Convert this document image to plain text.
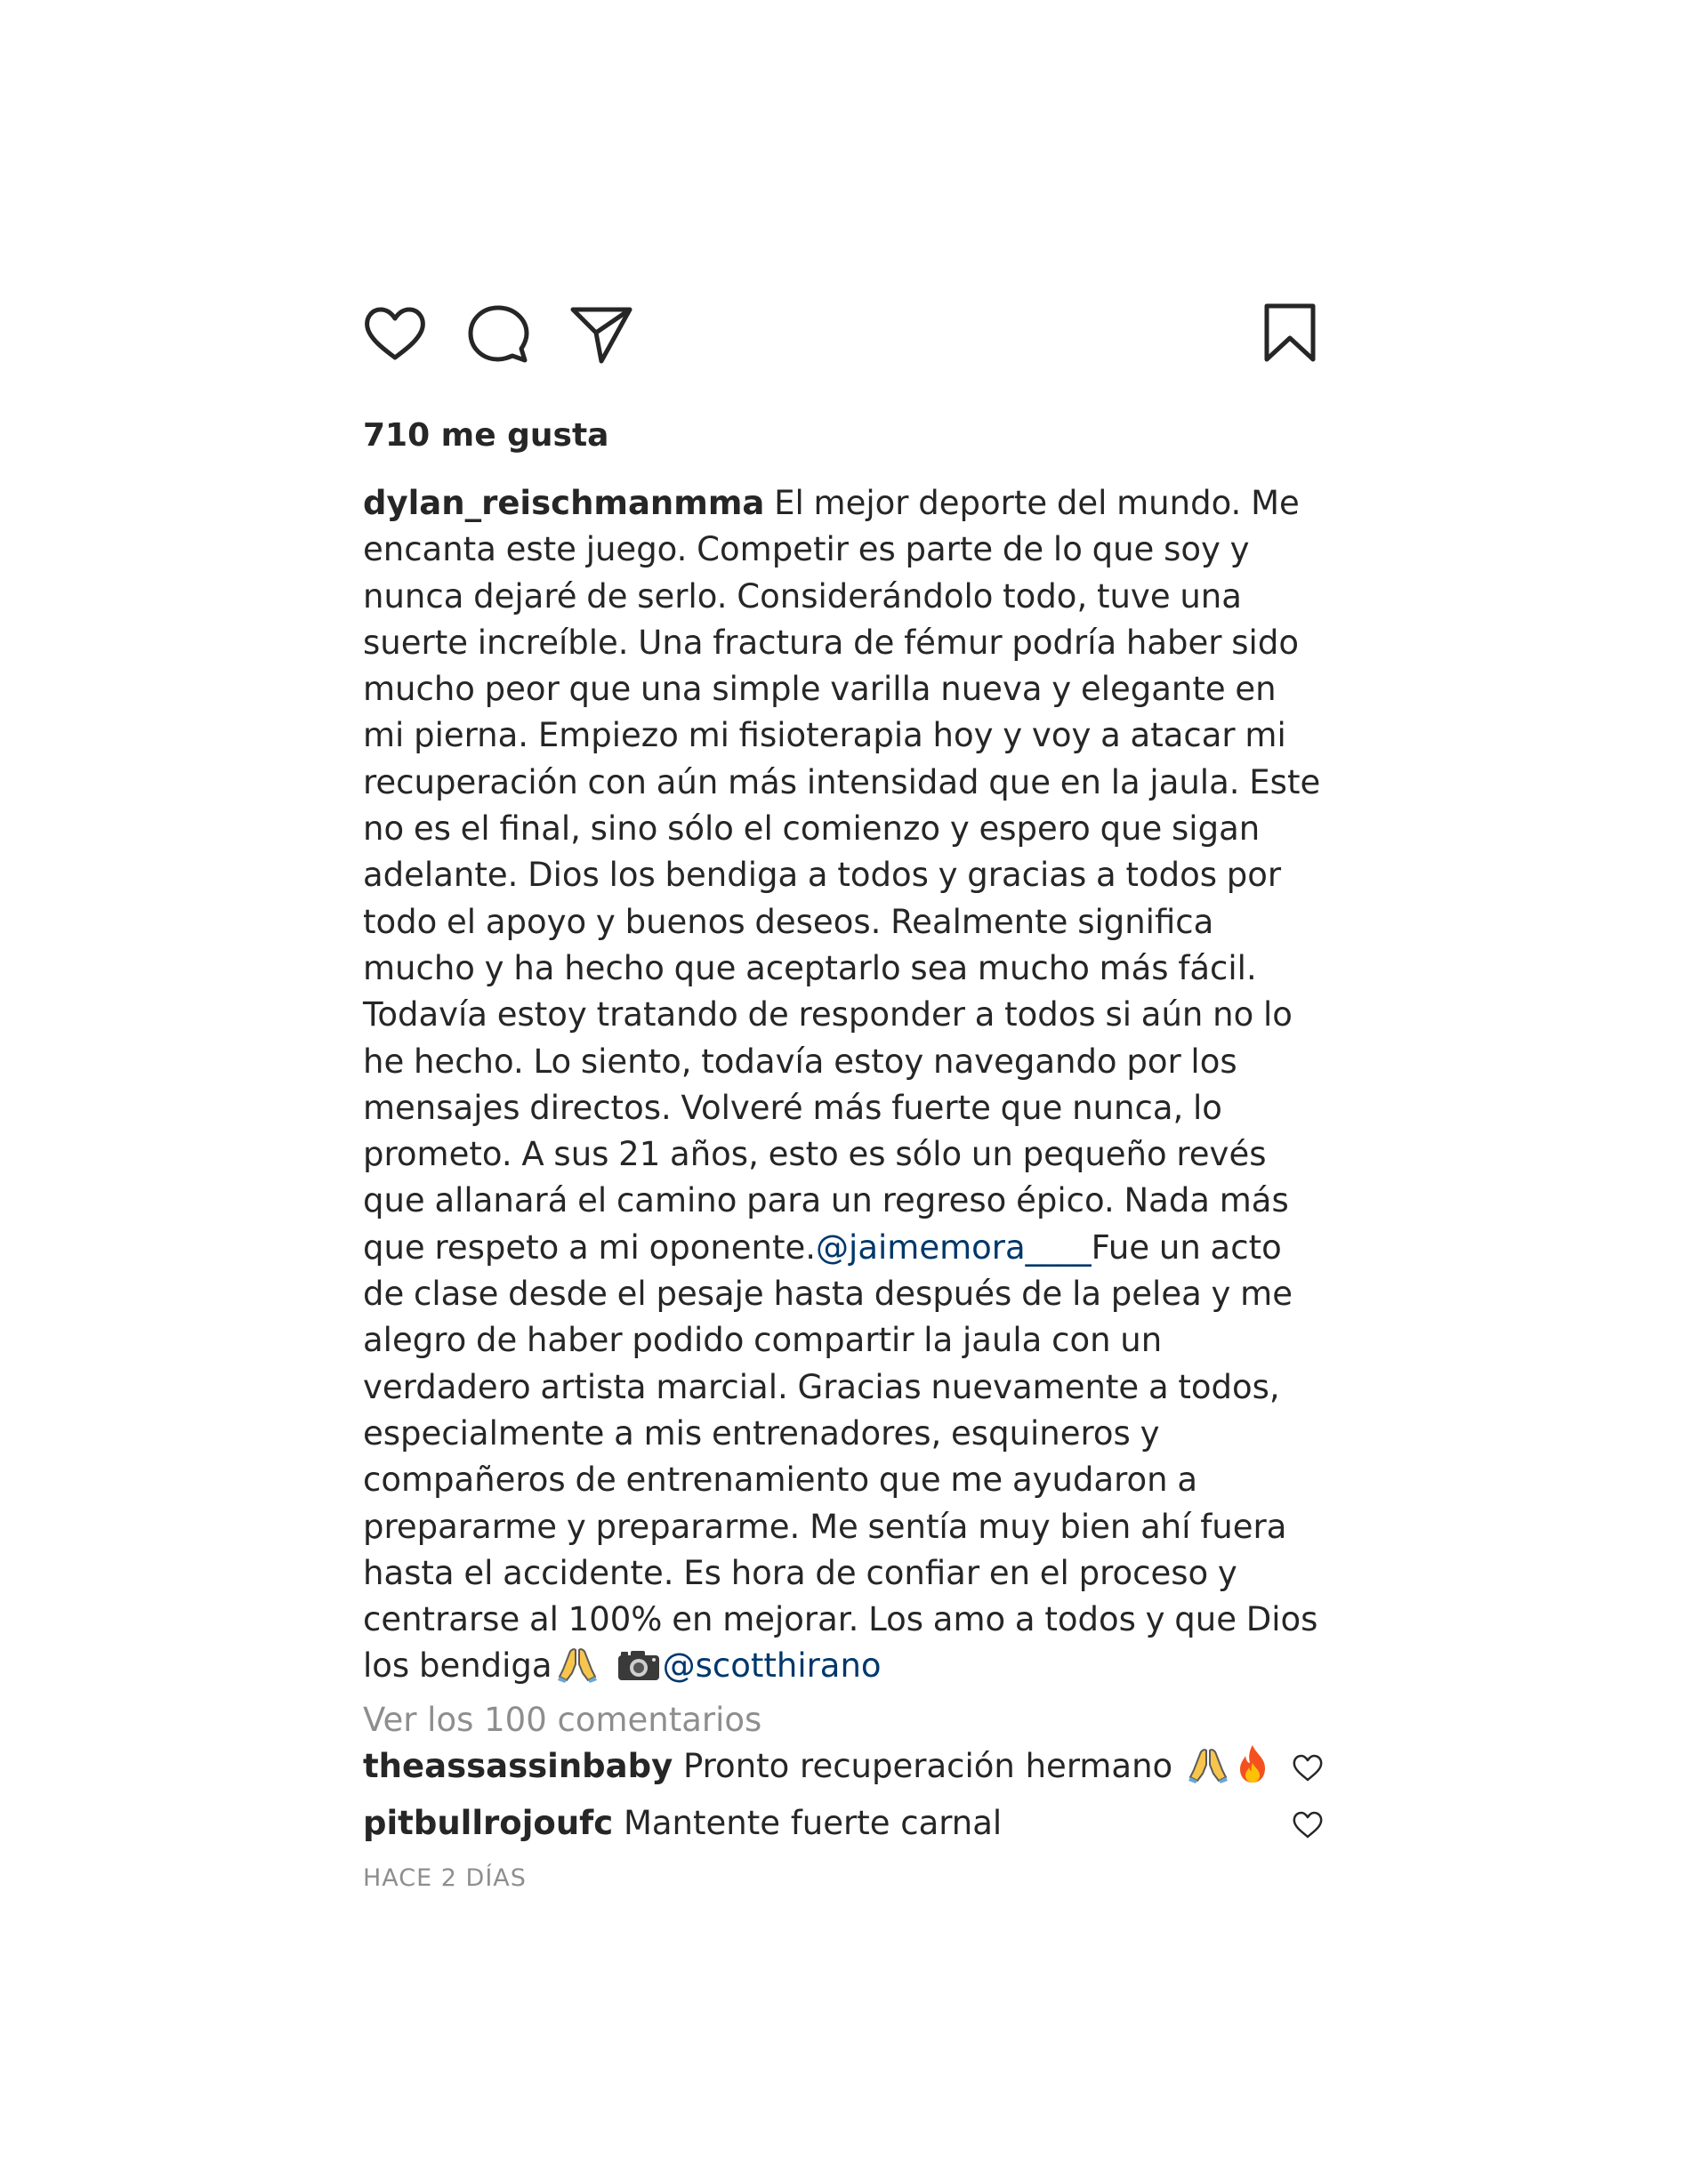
710 me gusta
dylan_reischmanmma El mejor deporte del mundo. Me encanta este juego. Competir es parte de lo que soy y nunca dejaré de serlo. Considerándolo todo, tuve una suerte increíble. Una fractura de fémur podría haber sido mucho peor que una simple varilla nueva y elegante en mi pierna. Empiezo mi fisioterapia hoy y voy a atacar mi recuperación con aún más intensidad que en la jaula. Este no es el final, sino sólo el comienzo y espero que sigan adelante. Dios los bendiga a todos y gracias a todos por todo el apoyo y buenos deseos. Realmente significa mucho y ha hecho que aceptarlo sea mucho más fácil. Todavía estoy tratando de responder a todos si aún no lo he hecho. Lo siento, todavía estoy navegando por los mensajes directos. Volveré más fuerte que nunca, lo prometo. A sus 21 años, esto es sólo un pequeño revés que allanará el camino para un regreso épico. Nada más que respeto a mi oponente.@jaimemora____Fue un acto de clase desde el pesaje hasta después de la pelea y me alegro de haber podido compartir la jaula con un verdadero artista marcial. Gracias nuevamente a todos, especialmente a mis entrenadores, esquineros y compañeros de entrenamiento que me ayudaron a prepararme y prepararme. Me sentía muy bien ahí fuera hasta el accidente. Es hora de confiar en el proceso y centrarse al 100% en mejorar. Los amo a todos y que Dios los bendiga	@scotthirano
Ver los 100 comentarios
theassassinbaby Pronto recuperación hermano
pitbullrojoufc Mantente fuerte carnal
HACE 2 DÍAS
